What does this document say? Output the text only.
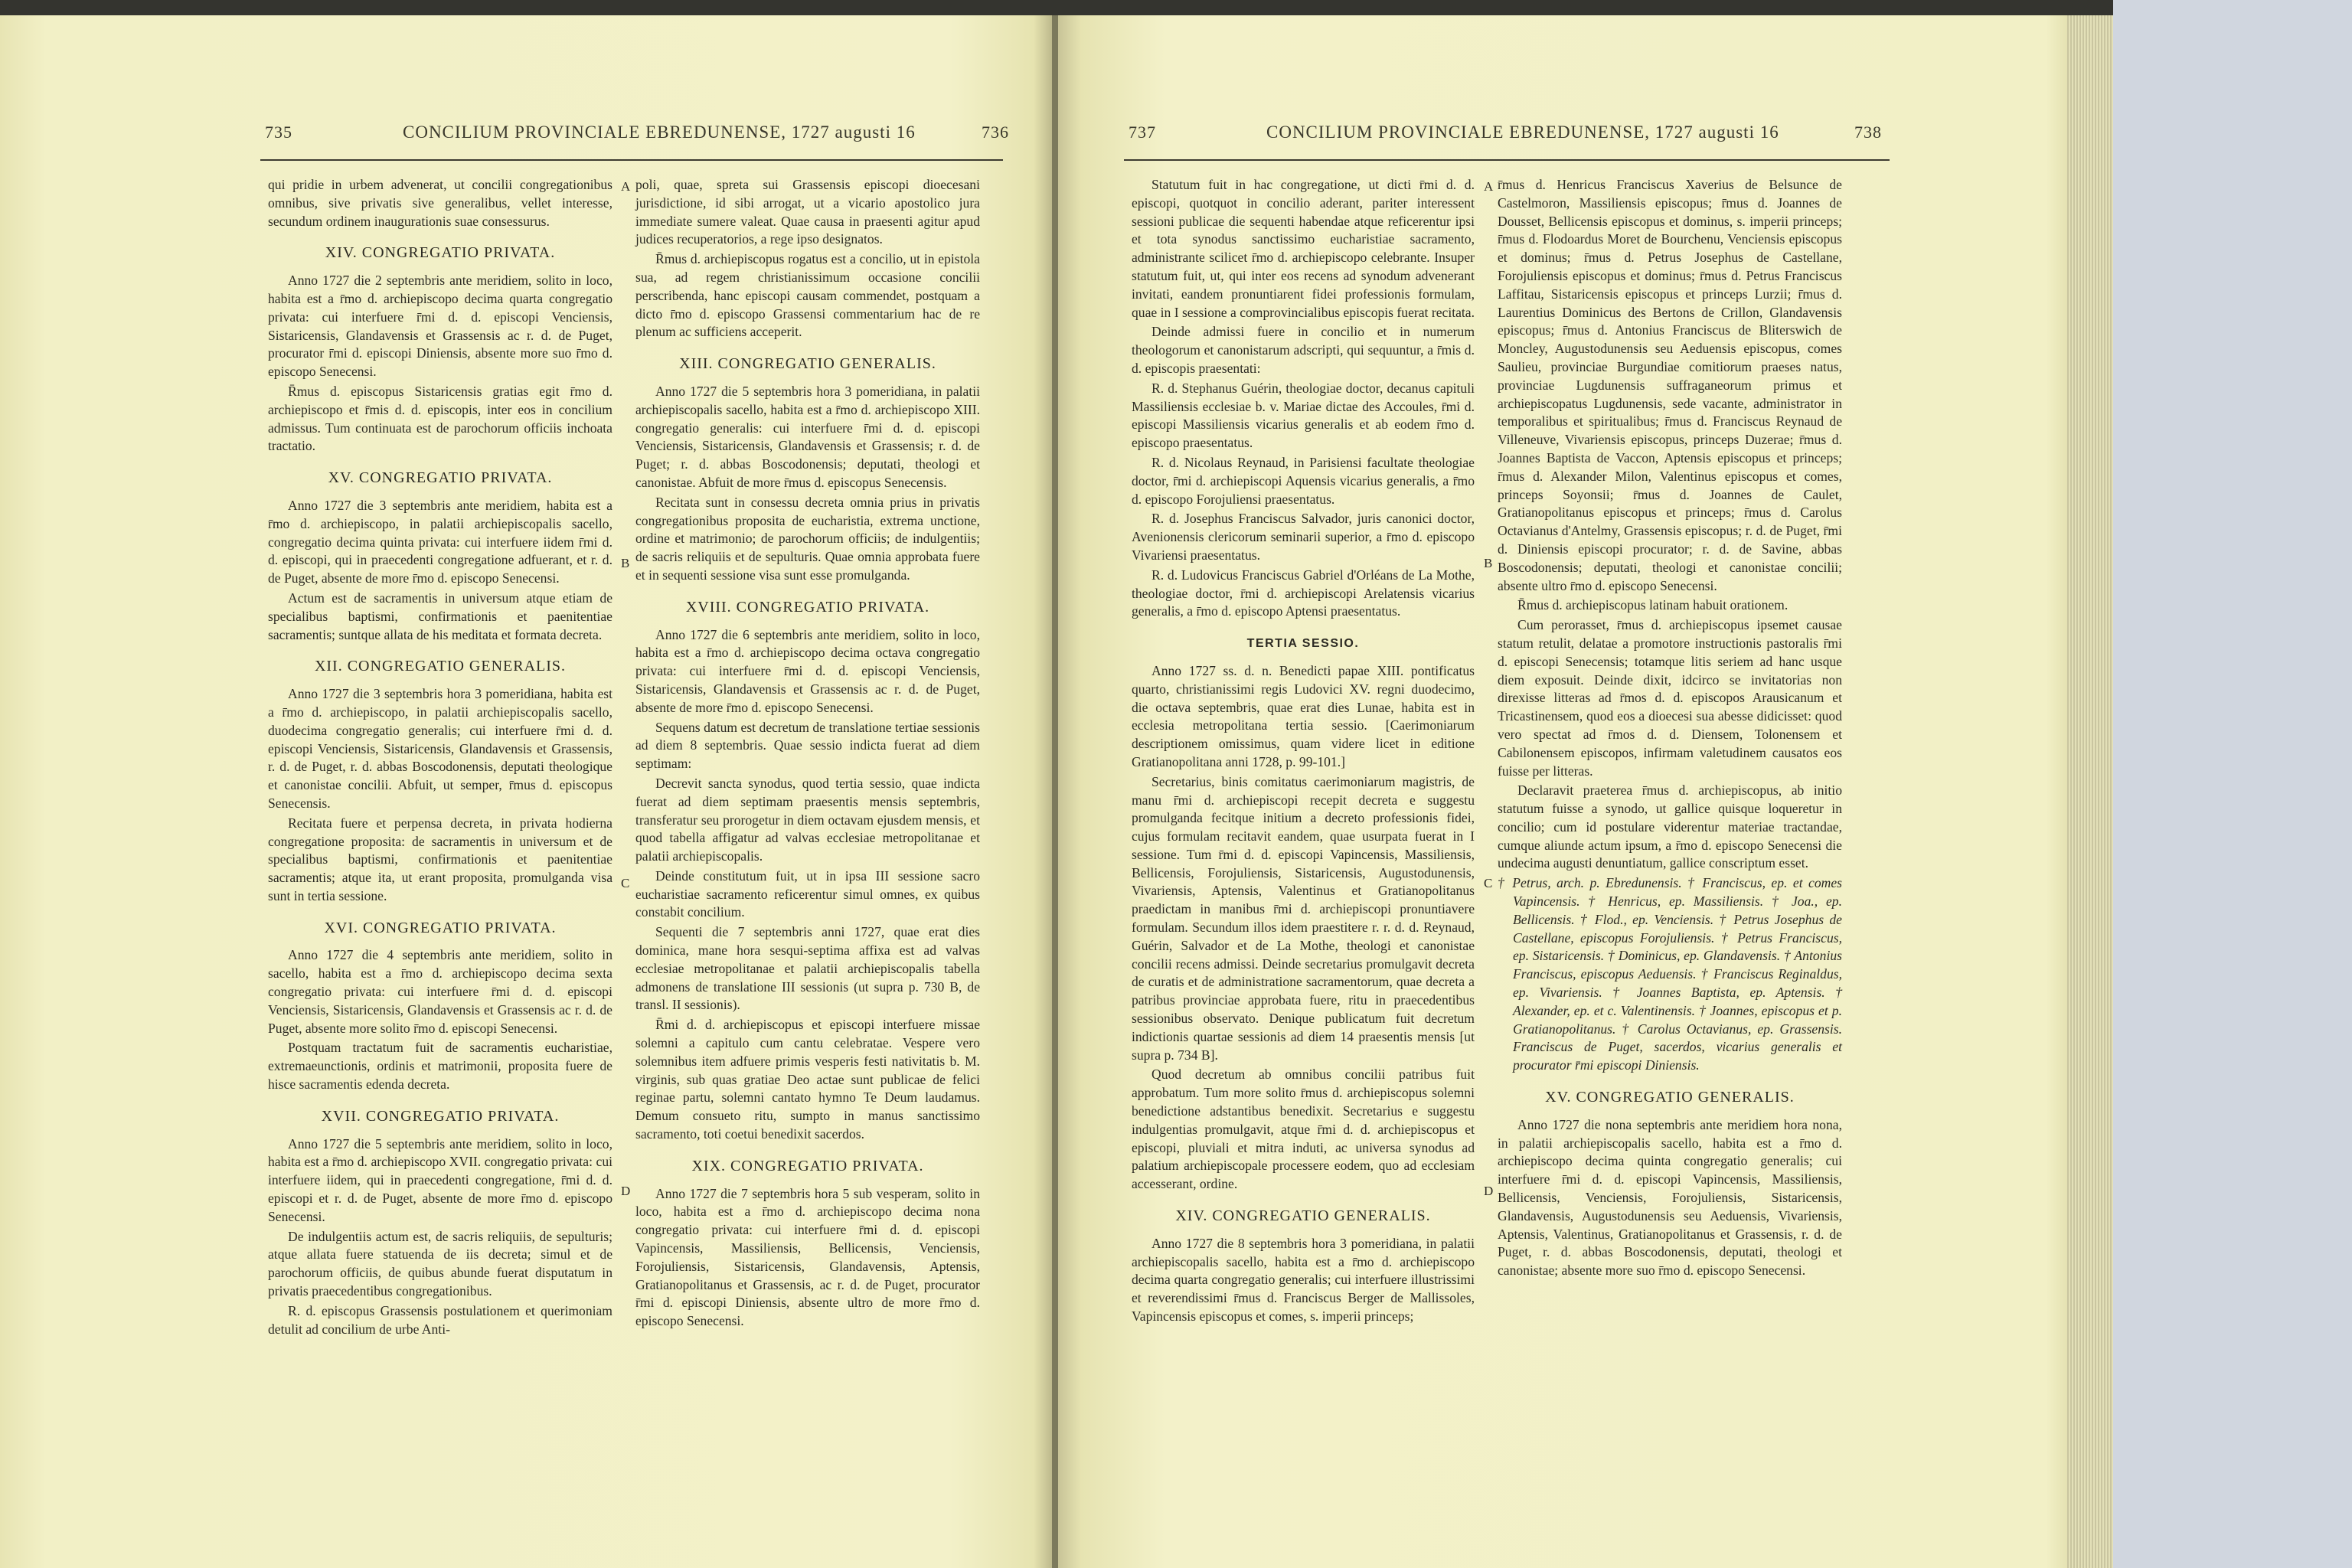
735	CONCILIUM PROVINCIALE EBREDUNENSE, 1727 augusti 16	736
A
B
C
D

qui pridie in urbem advenerat, ut concilii congregationibus omnibus, sive privatis sive generalibus, vellet interesse, secundum ordinem inaugurationis suae consessurus.

XIV. CONGREGATIO PRIVATA.

Anno 1727 die 2 septembris ante meridiem, solito in loco, habita est a r̄mo d. archiepiscopo decima quarta congregatio privata: cui interfuere r̄mi d. d. episcopi Venciensis, Sistaricensis, Glandavensis et Grassensis ac r. d. de Puget, procurator r̄mi d. episcopi Diniensis, absente more suo r̄mo d. episcopo Senecensi.

R̄mus d. episcopus Sistaricensis gratias egit r̄mo d. archiepiscopo et r̄mis d. d. episcopis, inter eos in concilium admissus. Tum continuata est de parochorum officiis inchoata tractatio.

XV. CONGREGATIO PRIVATA.

Anno 1727 die 3 septembris ante meridiem, habita est a r̄mo d. archiepiscopo, in palatii archiepiscopalis sacello, congregatio decima quinta privata: cui interfuere iidem r̄mi d. d. episcopi, qui in praecedenti congregatione adfuerant, et r. d. de Puget, absente de more r̄mo d. episcopo Senecensi.

Actum est de sacramentis in universum atque etiam de specialibus baptismi, confirmationis et paenitentiae sacramentis; suntque allata de his meditata et formata decreta.

XII. CONGREGATIO GENERALIS.

Anno 1727 die 3 septembris hora 3 pomeridiana, habita est a r̄mo d. archiepiscopo, in palatii archiepiscopalis sacello, duodecima congregatio generalis; cui interfuere r̄mi d. d. episcopi Venciensis, Sistaricensis, Glandavensis et Grassensis, r. d. de Puget, r. d. abbas Boscodonensis, deputati theologique et canonistae concilii. Abfuit, ut semper, r̄mus d. episcopus Senecensis.

Recitata fuere et perpensa decreta, in privata hodierna congregatione proposita: de sacramentis in universum et de specialibus baptismi, confirmationis et paenitentiae sacramentis; atque ita, ut erant proposita, promulganda visa sunt in tertia sessione.

XVI. CONGREGATIO PRIVATA.

Anno 1727 die 4 septembris ante meridiem, solito in sacello, habita est a r̄mo d. archiepiscopo decima sexta congregatio privata: cui interfuere r̄mi d. d. episcopi Venciensis, Sistaricensis, Glandavensis et Grassensis ac r. d. de Puget, absente more solito r̄mo d. episcopi Senecensi.

Postquam tractatum fuit de sacramentis eucharistiae, extremaeunctionis, ordinis et matrimonii, proposita fuere de hisce sacramentis edenda decreta.

XVII. CONGREGATIO PRIVATA.

Anno 1727 die 5 septembris ante meridiem, solito in loco, habita est a r̄mo d. archiepiscopo XVII. congregatio privata: cui interfuere iidem, qui in praecedenti congregatione, r̄mi d. d. episcopi et r. d. de Puget, absente de more r̄mo d. episcopo Senecensi.

De indulgentiis actum est, de sacris reliquiis, de sepulturis; atque allata fuere statuenda de iis decreta; simul et de parochorum officiis, de quibus abunde fuerat disputatum in privatis praecedentibus congregationibus.

R. d. episcopus Grassensis postulationem et querimoniam detulit ad concilium de urbe Anti-

poli, quae, spreta sui Grassensis episcopi dioecesani jurisdictione, id sibi arrogat, ut a vicario apostolico jura immediate sumere valeat. Quae causa in praesenti agitur apud judices recuperatorios, a rege ipso designatos.

R̄mus d. archiepiscopus rogatus est a concilio, ut in epistola sua, ad regem christianissimum occasione concilii perscribenda, hanc episcopi causam commendet, postquam a dicto r̄mo d. episcopo Grassensi commentarium hac de re plenum ac sufficiens acceperit.

XIII. CONGREGATIO GENERALIS.

Anno 1727 die 5 septembris hora 3 pomeridiana, in palatii archiepiscopalis sacello, habita est a r̄mo d. archiepiscopo XIII. congregatio generalis: cui interfuere r̄mi d. d. episcopi Venciensis, Sistaricensis, Glandavensis et Grassensis; r. d. de Puget; r. d. abbas Boscodonensis; deputati, theologi et canonistae. Abfuit de more r̄mus d. episcopus Senecensis.

Recitata sunt in consessu decreta omnia prius in privatis congregationibus proposita de eucharistia, extrema unctione, ordine et matrimonio; de parochorum officiis; de indulgentiis; de sacris reliquiis et de sepulturis. Quae omnia approbata fuere et in sequenti sessione visa sunt esse promulganda.

XVIII. CONGREGATIO PRIVATA.

Anno 1727 die 6 septembris ante meridiem, solito in loco, habita est a r̄mo d. archiepiscopo decima octava congregatio privata: cui interfuere r̄mi d. d. episcopi Venciensis, Sistaricensis, Glandavensis et Grassensis ac r. d. de Puget, absente de more r̄mo d. episcopo Senecensi.

Sequens datum est decretum de translatione tertiae sessionis ad diem 8 septembris. Quae sessio indicta fuerat ad diem septimam:

Decrevit sancta synodus, quod tertia sessio, quae indicta fuerat ad diem septimam praesentis mensis septembris, transferatur seu prorogetur in diem octavam ejusdem mensis, et quod tabella affigatur ad valvas ecclesiae metropolitanae et palatii archiepiscopalis.

Deinde constitutum fuit, ut in ipsa III sessione sacro eucharistiae sacramento reficerentur simul omnes, ex quibus constabit concilium.

Sequenti die 7 septembris anni 1727, quae erat dies dominica, mane hora sesqui-septima affixa est ad valvas ecclesiae metropolitanae et palatii archiepiscopalis tabella admonens de translatione III sessionis (ut supra p. 730 B, de transl. II sessionis).

R̄mi d. d. archiepiscopus et episcopi interfuere missae solemni a capitulo cum cantu celebratae. Vespere vero solemnibus item adfuere primis vesperis festi nativitatis b. M. virginis, sub quas gratiae Deo actae sunt publicae de felici reginae partu, solemni cantato hymno Te Deum laudamus. Demum consueto ritu, sumpto in manus sanctissimo sacramento, toti coetui benedixit sacerdos.

XIX. CONGREGATIO PRIVATA.

Anno 1727 die 7 septembris hora 5 sub vesperam, solito in loco, habita est a r̄mo d. archiepiscopo decima nona congregatio privata: cui interfuere r̄mi d. d. episcopi Vapincensis, Massiliensis, Bellicensis, Venciensis, Forojuliensis, Sistaricensis, Glandavensis, Aptensis, Gratianopolitanus et Grassensis, ac r. d. de Puget, procurator r̄mi d. episcopi Diniensis, absente ultro de more r̄mo d. episcopo Senecensi.

737	CONCILIUM PROVINCIALE EBREDUNENSE, 1727 augusti 16	738
A
B
C
D

Statutum fuit in hac congregatione, ut dicti r̄mi d. d. episcopi, quotquot in concilio aderant, pariter interessent sessioni publicae die sequenti habendae atque reficerentur ipsi et tota synodus sanctissimo eucharistiae sacramento, administrante scilicet r̄mo d. archiepiscopo celebrante. Insuper statutum fuit, ut, qui inter eos recens ad synodum advenerant invitati, eandem pronuntiarent fidei professionis formulam, quae in I sessione a comprovincialibus episcopis fuerat recitata.

Deinde admissi fuere in concilio et in numerum theologorum et canonistarum adscripti, qui sequuntur, a r̄mis d. d. episcopis praesentati:

R. d. Stephanus Guérin, theologiae doctor, decanus capituli Massiliensis ecclesiae b. v. Mariae dictae des Accoules, r̄mi d. episcopi Massiliensis vicarius generalis et ab eodem r̄mo d. episcopo praesentatus.

R. d. Nicolaus Reynaud, in Parisiensi facultate theologiae doctor, r̄mi d. archiepiscopi Aquensis vicarius generalis, a r̄mo d. episcopo Forojuliensi praesentatus.

R. d. Josephus Franciscus Salvador, juris canonici doctor, Avenionensis clericorum seminarii superior, a r̄mo d. episcopo Vivariensi praesentatus.

R. d. Ludovicus Franciscus Gabriel d'Orléans de La Mothe, theologiae doctor, r̄mi d. archiepiscopi Arelatensis vicarius generalis, a r̄mo d. episcopo Aptensi praesentatus.

TERTIA SESSIO.

Anno 1727 ss. d. n. Benedicti papae XIII. pontificatus quarto, christianissimi regis Ludovici XV. regni duodecimo, die octava septembris, quae erat dies Lunae, habita est in ecclesia metropolitana tertia sessio. [Caerimoniarum descriptionem omissimus, quam videre licet in editione Gratianopolitana anni 1728, p. 99-101.]

Secretarius, binis comitatus caerimoniarum magistris, de manu r̄mi d. archiepiscopi recepit decreta e suggestu promulganda fecitque initium a decreto professionis fidei, cujus formulam recitavit eandem, quae usurpata fuerat in I sessione. Tum r̄mi d. d. episcopi Vapincensis, Massiliensis, Bellicensis, Forojuliensis, Sistaricensis, Augustodunensis, Vivariensis, Aptensis, Valentinus et Gratianopolitanus praedictam in manibus r̄mi d. archiepiscopi pronuntiavere formulam. Secundum illos idem praestitere r. r. d. d. Reynaud, Guérin, Salvador et de La Mothe, theologi et canonistae concilii recens admissi. Deinde secretarius promulgavit decreta de curatis et de administratione sacramentorum, quae decreta a patribus provinciae approbata fuere, ritu in praecedentibus sessionibus observato. Denique publicatum fuit decretum indictionis quartae sessionis ad diem 14 praesentis mensis [ut supra p. 734 B].

Quod decretum ab omnibus concilii patribus fuit approbatum. Tum more solito r̄mus d. archiepiscopus solemni benedictione adstantibus benedixit. Secretarius e suggestu indulgentias promulgavit, atque r̄mi d. d. archiepiscopus et episcopi, pluviali et mitra induti, ac universa synodus ad palatium archiepiscopale processere eodem, quo ad ecclesiam accesserant, ordine.

XIV. CONGREGATIO GENERALIS.

Anno 1727 die 8 septembris hora 3 pomeridiana, in palatii archiepiscopalis sacello, habita est a r̄mo d. archiepiscopo decima quarta congregatio generalis; cui interfuere illustrissimi et reverendissimi r̄mus d. Franciscus Berger de Mallissoles, Vapincensis episcopus et comes, s. imperii princeps;

r̄mus d. Henricus Franciscus Xaverius de Belsunce de Castelmoron, Massiliensis episcopus; r̄mus d. Joannes de Dousset, Bellicensis episcopus et dominus, s. imperii princeps; r̄mus d. Flodoardus Moret de Bourchenu, Venciensis episcopus et dominus; r̄mus d. Petrus Josephus de Castellane, Forojuliensis episcopus et dominus; r̄mus d. Petrus Franciscus Laffitau, Sistaricensis episcopus et princeps Lurzii; r̄mus d. Laurentius Dominicus des Bertons de Crillon, Glandavensis episcopus; r̄mus d. Antonius Franciscus de Bliterswich de Moncley, Augustodunensis seu Aeduensis episcopus, comes Saulieu, provinciae Burgundiae comitiorum praeses natus, provinciae Lugdunensis suffraganeorum primus et archiepiscopatus Lugdunensis, sede vacante, administrator in temporalibus et spiritualibus; r̄mus d. Franciscus Reynaud de Villeneuve, Vivariensis episcopus, princeps Duzerae; r̄mus d. Joannes Baptista de Vaccon, Aptensis episcopus et princeps; r̄mus d. Alexander Milon, Valentinus episcopus et comes, princeps Soyonsii; r̄mus d. Joannes de Caulet, Gratianopolitanus episcopus et princeps; r̄mus d. Carolus Octavianus d'Antelmy, Grassensis episcopus; r. d. de Puget, r̄mi d. Diniensis episcopi procurator; r. d. de Savine, abbas Boscodonensis; deputati, theologi et canonistae concilii; absente ultro r̄mo d. episcopo Senecensi.

R̄mus d. archiepiscopus latinam habuit orationem.

Cum perorasset, r̄mus d. archiepiscopus ipsemet causae statum retulit, delatae a promotore instructionis pastoralis r̄mi d. episcopi Senecensis; totamque litis seriem ad hanc usque diem exposuit. Deinde dixit, idcirco se invitatorias non direxisse litteras ad r̄mos d. d. episcopos Arausicanum et Tricastinensem, quod eos a dioecesi sua abesse didicisset: quod vero spectat ad r̄mos d. d. Diensem, Tolonensem et Cabilonensem episcopos, infirmam valetudinem causatos eos fuisse per litteras.

Declaravit praeterea r̄mus d. archiepiscopus, ab initio statutum fuisse a synodo, ut gallice quisque loqueretur in concilio; cum id postulare viderentur materiae tractandae, cumque aliunde actum ipsum, a r̄mo d. episcopo Senecensi die undecima augusti denuntiatum, gallice conscriptum esset.

† Petrus, arch. p. Ebredunensis. † Franciscus, ep. et comes Vapincensis. † Henricus, ep. Massiliensis. † Joa., ep. Bellicensis. † Flod., ep. Venciensis. † Petrus Josephus de Castellane, episcopus Forojuliensis. † Petrus Franciscus, ep. Sistaricensis. † Dominicus, ep. Glandavensis. † Antonius Franciscus, episcopus Aeduensis. † Franciscus Reginaldus, ep. Vivariensis. † Joannes Baptista, ep. Aptensis. † Alexander, ep. et c. Valentinensis. † Joannes, episcopus et p. Gratianopolitanus. † Carolus Octavianus, ep. Grassensis. Franciscus de Puget, sacerdos, vicarius generalis et procurator r̄mi episcopi Diniensis.

XV. CONGREGATIO GENERALIS.

Anno 1727 die nona septembris ante meridiem hora nona, in palatii archiepiscopalis sacello, habita est a r̄mo d. archiepiscopo decima quinta congregatio generalis; cui interfuere r̄mi d. d. episcopi Vapincensis, Massiliensis, Bellicensis, Venciensis, Forojuliensis, Sistaricensis, Glandavensis, Augustodunensis seu Aeduensis, Vivariensis, Aptensis, Valentinus, Gratianopolitanus et Grassensis, r. d. de Puget, r. d. abbas Boscodonensis, deputati, theologi et canonistae; absente more suo r̄mo d. episcopo Senecensi.
